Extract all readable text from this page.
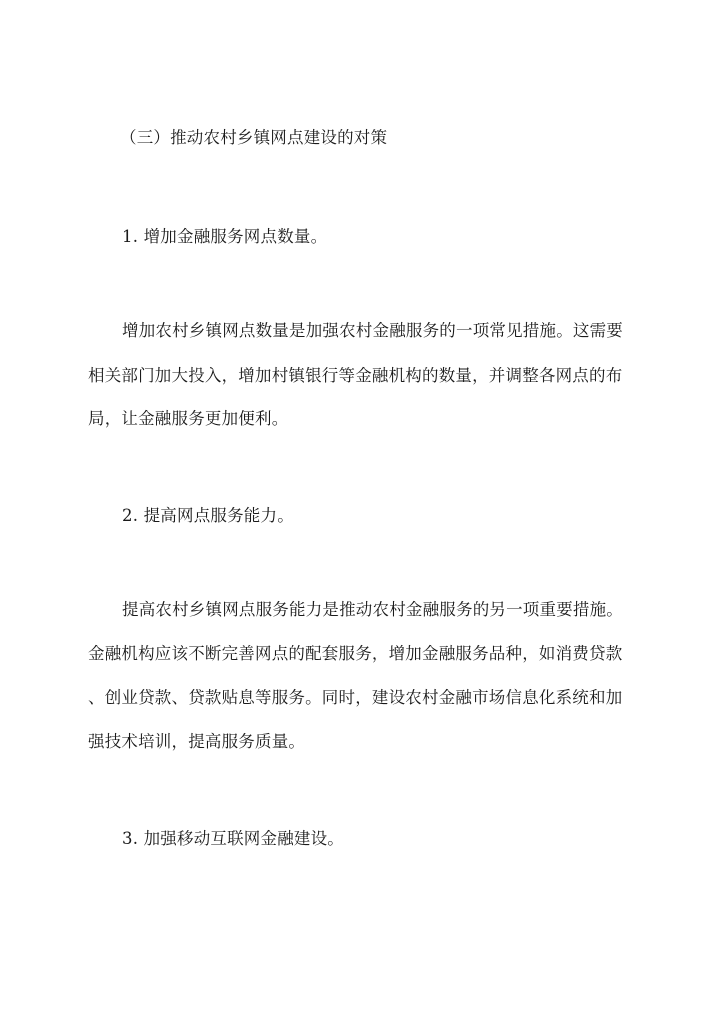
（三）推动农村乡镇网点建设的对策
1. 增加金融服务网点数量。
增加农村乡镇网点数量是加强农村金融服务的一项常见措施。这需要
相关部门加大投入，增加村镇银行等金融机构的数量，并调整各网点的布
局，让金融服务更加便利。
2. 提高网点服务能力。
提高农村乡镇网点服务能力是推动农村金融服务的另一项重要措施。
金融机构应该不断完善网点的配套服务，增加金融服务品种，如消费贷款
、创业贷款、贷款贴息等服务。同时，建设农村金融市场信息化系统和加
强技术培训，提高服务质量。
3. 加强移动互联网金融建设。
